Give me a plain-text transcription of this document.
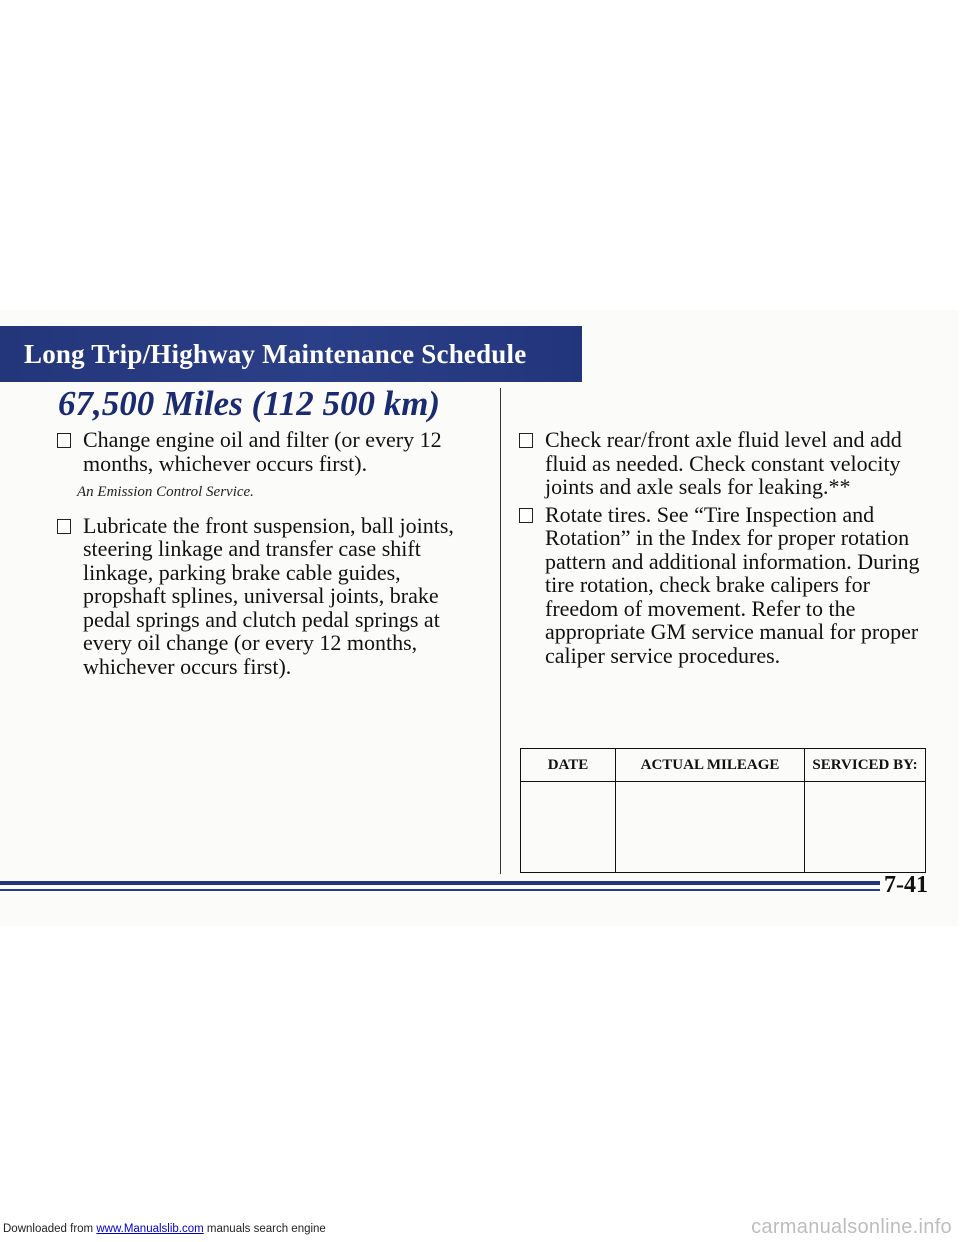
Long Trip/Highway Maintenance Schedule
67,500 Miles (112 500 km)
Change engine oil and filter (or every 12 months, whichever occurs first).
An Emission Control Service.
Lubricate the front suspension, ball joints, steering linkage and transfer case shift linkage, parking brake cable guides, propshaft splines, universal joints, brake pedal springs and clutch pedal springs at every oil change (or every 12 months, whichever occurs first).
Check rear/front axle fluid level and add fluid as needed. Check constant velocity joints and axle seals for leaking.**
Rotate tires. See “Tire Inspection and Rotation” in the Index for proper rotation pattern and additional information. During tire rotation, check brake calipers for freedom of movement. Refer to the appropriate GM service manual for proper caliper service procedures.
DATE	ACTUAL MILEAGE	SERVICED BY:

7-41
Downloaded from www.Manualslib.com manuals search engine	carmanualsonline.info
